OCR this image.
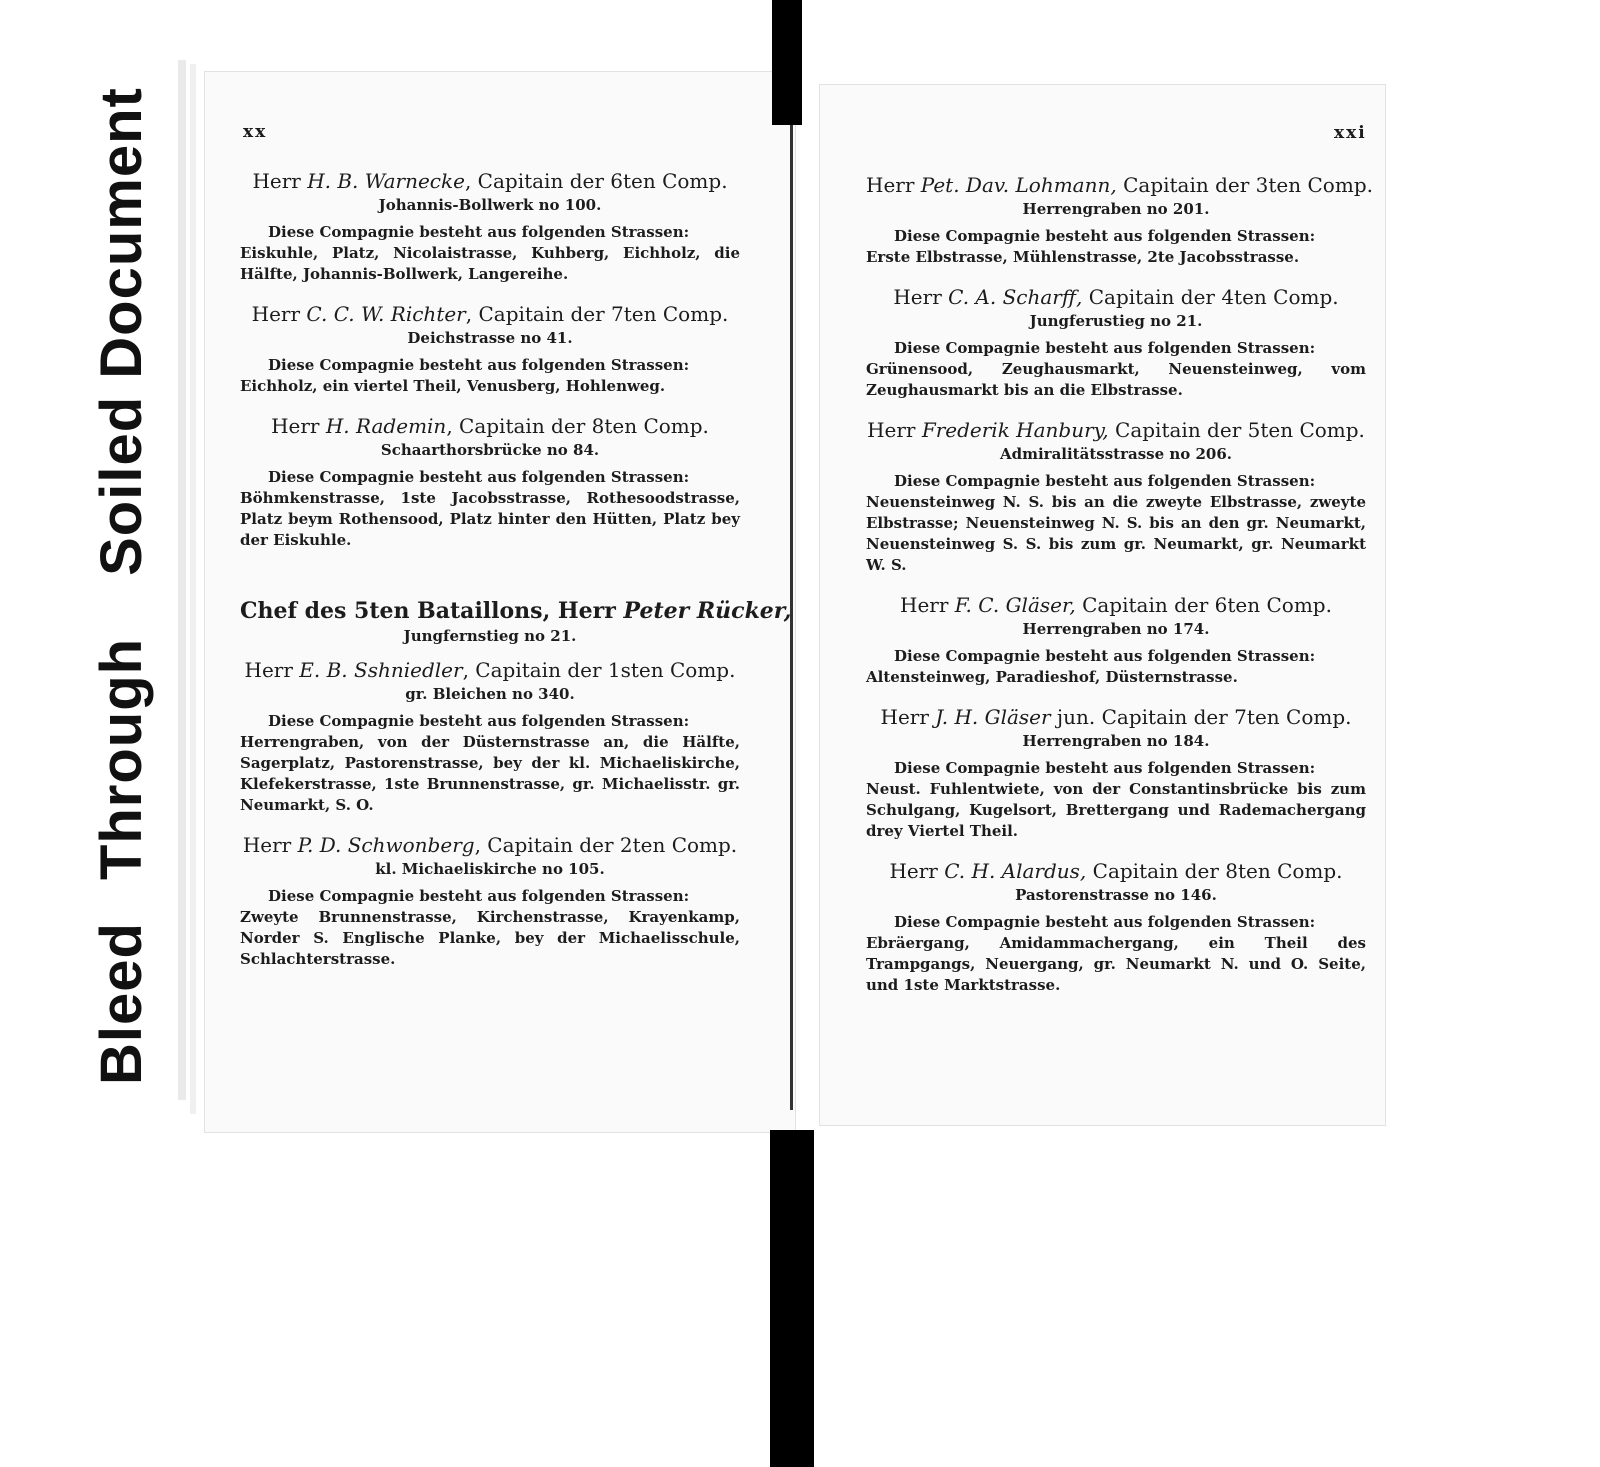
BleedThroughSoiled Document	xx	xxi
Herr H. B. Warnecke, Capitain der 6ten Comp.
Johannis-Bollwerk no 100.
Diese Compagnie besteht aus folgenden Strassen:
Eiskuhle, Platz, Nicolaistrasse, Kuhberg, Eichholz, die Hälfte, Johannis-Bollwerk, Langereihe.
Herr C. C. W. Richter, Capitain der 7ten Comp.
Deichstrasse no 41.
Diese Compagnie besteht aus folgenden Strassen:
Eichholz, ein viertel Theil, Venusberg, Hohlenweg.
Herr H. Rademin, Capitain der 8ten Comp.
Schaarthorsbrücke no 84.
Diese Compagnie besteht aus folgenden Strassen:
Böhmkenstrasse, 1ste Jacobsstrasse, Rothesoodstrasse, Platz beym Rothensood, Platz hinter den Hütten, Platz bey der Eiskuhle.
Chef des 5ten Bataillons, Herr Peter Rücker,
Jungfernstieg no 21.
Herr E. B. Sshniedler, Capitain der 1sten Comp.
gr. Bleichen no 340.
Diese Compagnie besteht aus folgenden Strassen:
Herrengraben, von der Düsternstrasse an, die Hälfte, Sagerplatz, Pastorenstrasse, bey der kl. Michaeliskirche, Klefekerstrasse, 1ste Brunnenstrasse, gr. Michaelisstr. gr. Neumarkt, S. O.
Herr P. D. Schwonberg, Capitain der 2ten Comp.
kl. Michaeliskirche no 105.
Diese Compagnie besteht aus folgenden Strassen:
Zweyte Brunnenstrasse, Kirchenstrasse, Krayenkamp, Norder S. Englische Planke, bey der Michaelisschule, Schlachterstrasse.
Herr Pet. Dav. Lohmann, Capitain der 3ten Comp.
Herrengraben no 201.
Diese Compagnie besteht aus folgenden Strassen:
Erste Elbstrasse, Mühlenstrasse, 2te Jacobsstrasse.
Herr C. A. Scharff, Capitain der 4ten Comp.
Jungferustieg no 21.
Diese Compagnie besteht aus folgenden Strassen:
Grünensood, Zeughausmarkt, Neuensteinweg, vom Zeughausmarkt bis an die Elbstrasse.
Herr Frederik Hanbury, Capitain der 5ten Comp.
Admiralitätsstrasse no 206.
Diese Compagnie besteht aus folgenden Strassen:
Neuensteinweg N. S. bis an die zweyte Elbstrasse, zweyte Elbstrasse; Neuensteinweg N. S. bis an den gr. Neumarkt, Neuensteinweg S. S. bis zum gr. Neumarkt, gr. Neumarkt W. S.
Herr F. C. Gläser, Capitain der 6ten Comp.
Herrengraben no 174.
Diese Compagnie besteht aus folgenden Strassen:
Altensteinweg, Paradieshof, Düsternstrasse.
Herr J. H. Gläser jun. Capitain der 7ten Comp.
Herrengraben no 184.
Diese Compagnie besteht aus folgenden Strassen:
Neust. Fuhlentwiete, von der Constantinsbrücke bis zum Schulgang, Kugelsort, Brettergang und Rademachergang drey Viertel Theil.
Herr C. H. Alardus, Capitain der 8ten Comp.
Pastorenstrasse no 146.
Diese Compagnie besteht aus folgenden Strassen:
Ebräergang, Amidammachergang, ein Theil des Trampgangs, Neuergang, gr. Neumarkt N. und O. Seite, und 1ste Marktstrasse.
